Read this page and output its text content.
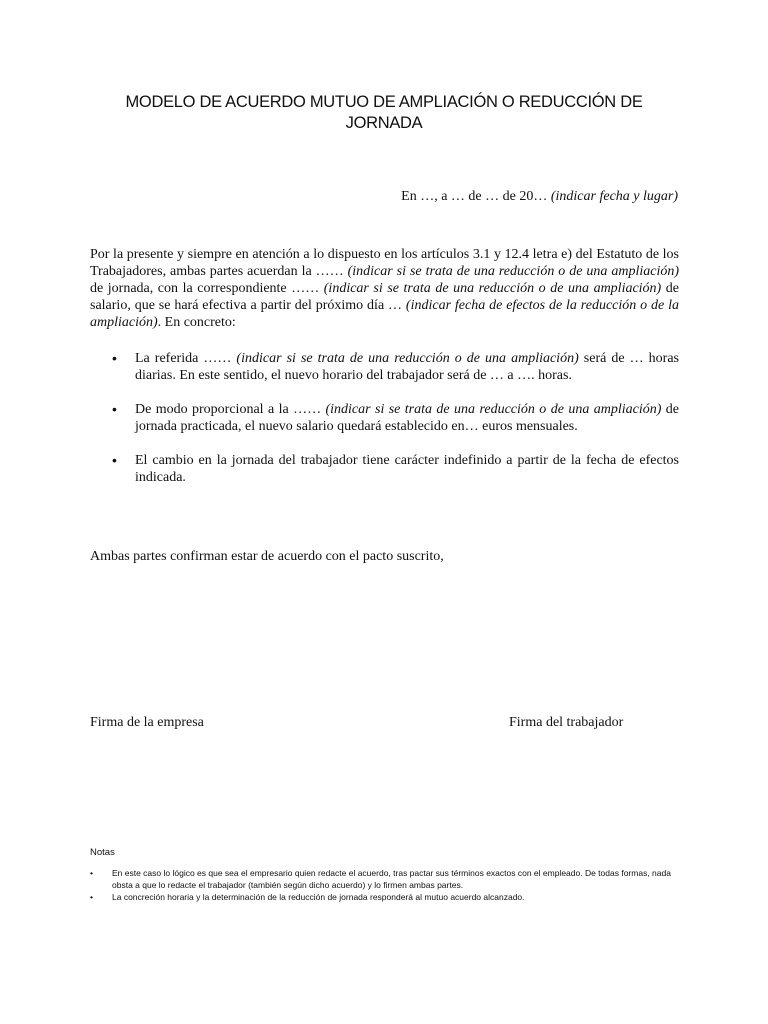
MODELO DE ACUERDO MUTUO DE AMPLIACIÓN O REDUCCIÓN DE JORNADA
En …, a … de … de 20… (indicar fecha y lugar)

Por la presente y siempre en atención a lo dispuesto en los artículos 3.1 y 12.4 letra e) del Estatuto de los Trabajadores, ambas partes acuerdan la …… (indicar si se trata de una reducción o de una ampliación) de jornada, con la correspondiente …… (indicar si se trata de una reducción o de una ampliación) de salario, que se hará efectiva a partir del próximo día … (indicar fecha de efectos de la reducción o de la ampliación). En concreto:

• La referida …… (indicar si se trata de una reducción o de una ampliación) será de … horas diarias. En este sentido, el nuevo horario del trabajador será de … a …. horas.
• De modo proporcional a la …… (indicar si se trata de una reducción o de una ampliación) de jornada practicada, el nuevo salario quedará establecido en… euros mensuales.
• El cambio en la jornada del trabajador tiene carácter indefinido a partir de la fecha de efectos indicada.

Ambas partes confirman estar de acuerdo con el pacto suscrito,

Firma de la empresa	Firma del trabajador
Notas
• En este caso lo lógico es que sea el empresario quien redacte el acuerdo, tras pactar sus términos exactos con el empleado. De todas formas, nada obsta a que lo redacte el trabajador (también según dicho acuerdo) y lo firmen ambas partes.
• La concreción horaria y la determinación de la reducción de jornada responderá al mutuo acuerdo alcanzado.
